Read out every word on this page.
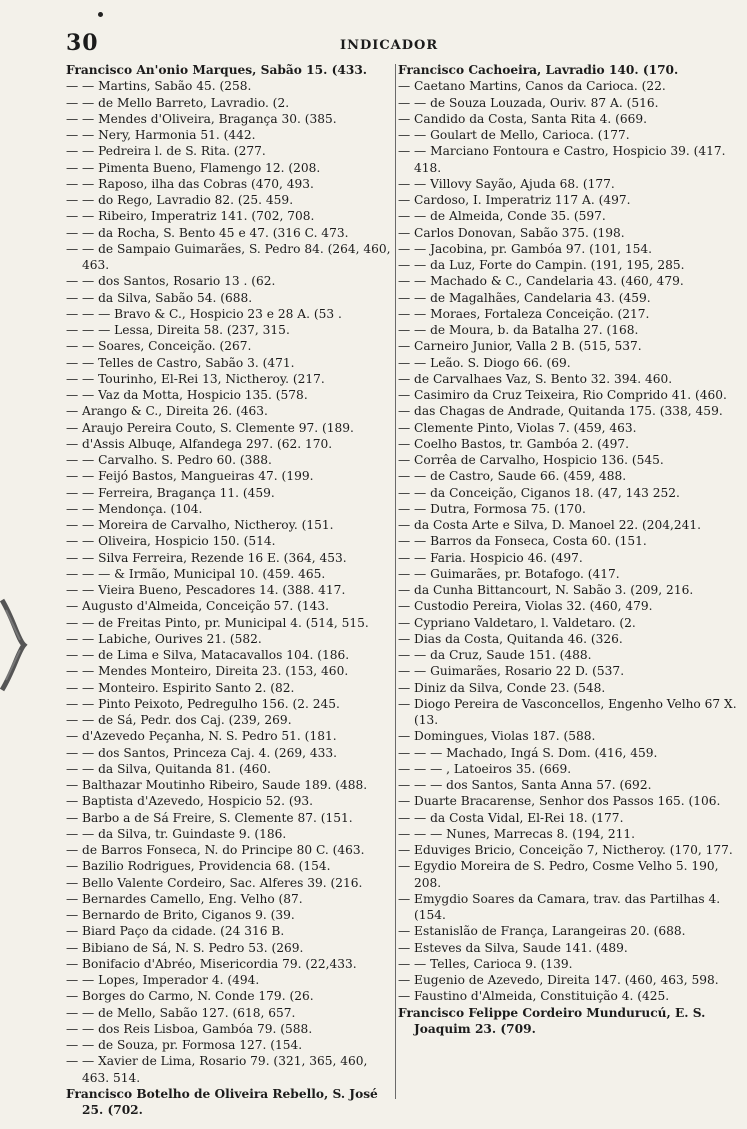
30	INDICADOR
Francisco An'onio Marques, Sabão 15. (433.
— — Martins, Sabão 45. (258.
— — de Mello Barreto, Lavradio. (2.
— — Mendes d'Oliveira, Bragança 30. (385.
— — Nery, Harmonia 51. (442.
— — Pedreira l. de S. Rita. (277.
— — Pimenta Bueno, Flamengo 12. (208.
— — Raposo, ilha das Cobras (470, 493.
— — do Rego, Lavradio 82. (25. 459.
— — Ribeiro, Imperatriz 141. (702, 708.
— — da Rocha, S. Bento 45 e 47. (316 C. 473.
— — de Sampaio Guimarães, S. Pedro 84. (264, 460, 463.
— — dos Santos, Rosario 13 . (62.
— — da Silva, Sabão 54. (688.
— — — Bravo & C., Hospicio 23 e 28 A. (53 .
— — — Lessa, Direita 58. (237, 315.
— — Soares, Conceição. (267.
— — Telles de Castro, Sabão 3. (471.
— — Tourinho, El-Rei 13, Nictheroy. (217.
— — Vaz da Motta, Hospicio 135. (578.
— Arango & C., Direita 26. (463.
— Araujo Pereira Couto, S. Clemente 97. (189.
— d'Assis Albuqe, Alfandega 297. (62. 170.
— — Carvalho. S. Pedro 60. (388.
— — Feijó Bastos, Mangueiras 47. (199.
— — Ferreira, Bragança 11. (459.
— — Mendonça. (104.
— — Moreira de Carvalho, Nictheroy. (151.
— — Oliveira, Hospicio 150. (514.
— — Silva Ferreira, Rezende 16 E. (364, 453.
— — — & Irmão, Municipal 10. (459. 465.
— — Vieira Bueno, Pescadores 14. (388. 417.
— Augusto d'Almeida, Conceição 57. (143.
— — de Freitas Pinto, pr. Municipal 4. (514, 515.
— — Labiche, Ourives 21. (582.
— — de Lima e Silva, Matacavallos 104. (186.
— — Mendes Monteiro, Direita 23. (153, 460.
— — Monteiro. Espirito Santo 2. (82.
— — Pinto Peixoto, Pedregulho 156. (2. 245.
— — de Sá, Pedr. dos Caj. (239, 269.
— d'Azevedo Peçanha, N. S. Pedro 51. (181.
— — dos Santos, Princeza Caj. 4. (269, 433.
— — da Silva, Quitanda 81. (460.
— Balthazar Moutinho Ribeiro, Saude 189. (488.
— Baptista d'Azevedo, Hospicio 52. (93.
— Barbo a de Sá Freire, S. Clemente 87. (151.
— — da Silva, tr. Guindaste 9. (186.
— de Barros Fonseca, N. do Principe 80 C. (463.
— Bazilio Rodrigues, Providencia 68. (154.
— Bello Valente Cordeiro, Sac. Alferes 39. (216.
— Bernardes Camello, Eng. Velho (87.
— Bernardo de Brito, Ciganos 9. (39.
— Biard Paço da cidade. (24 316 B.
— Bibiano de Sá, N. S. Pedro 53. (269.
— Bonifacio d'Abréo, Misericordia 79. (22,433.
— — Lopes, Imperador 4. (494.
— Borges do Carmo, N. Conde 179. (26.
— — de Mello, Sabão 127. (618, 657.
— — dos Reis Lisboa, Gambóa 79. (588.
— — de Souza, pr. Formosa 127. (154.
— — Xavier de Lima, Rosario 79. (321, 365, 460, 463. 514.
Francisco Botelho de Oliveira Rebello, S. José 25. (702.
Francisco Cachoeira, Lavradio 140. (170.
— Caetano Martins, Canos da Carioca. (22.
— — de Souza Louzada, Ouriv. 87 A. (516.
— Candido da Costa, Santa Rita 4. (669.
— — Goulart de Mello, Carioca. (177.
— — Marciano Fontoura e Castro, Hospicio 39. (417. 418.
— — Villovy Sayão, Ajuda 68. (177.
— Cardoso, I. Imperatriz 117 A. (497.
— — de Almeida, Conde 35. (597.
— Carlos Donovan, Sabão 375. (198.
— — Jacobina, pr. Gambóa 97. (101, 154.
— — da Luz, Forte do Campin. (191, 195, 285.
— — Machado & C., Candelaria 43. (460, 479.
— — de Magalhães, Candelaria 43. (459.
— — Moraes, Fortaleza Conceição. (217.
— — de Moura, b. da Batalha 27. (168.
— Carneiro Junior, Valla 2 B. (515, 537.
— — Leão. S. Diogo 66. (69.
— de Carvalhaes Vaz, S. Bento 32. 394. 460.
— Casimiro da Cruz Teixeira, Rio Comprido 41. (460.
— das Chagas de Andrade, Quitanda 175. (338, 459.
— Clemente Pinto, Violas 7. (459, 463.
— Coelho Bastos, tr. Gambóa 2. (497.
— Corrêa de Carvalho, Hospicio 136. (545.
— — de Castro, Saude 66. (459, 488.
— — da Conceição, Ciganos 18. (47, 143 252.
— — Dutra, Formosa 75. (170.
— da Costa Arte e Silva, D. Manoel 22. (204,241.
— — Barros da Fonseca, Costa 60. (151.
— — Faria. Hospicio 46. (497.
— — Guimarães, pr. Botafogo. (417.
— da Cunha Bittancourt, N. Sabão 3. (209, 216.
— Custodio Pereira, Violas 32. (460, 479.
— Cypriano Valdetaro, l. Valdetaro. (2.
— Dias da Costa, Quitanda 46. (326.
— — da Cruz, Saude 151. (488.
— — Guimarães, Rosario 22 D. (537.
— Diniz da Silva, Conde 23. (548.
— Diogo Pereira de Vasconcellos, Engenho Velho 67 X. (13.
— Domingues, Violas 187. (588.
— — — Machado, Ingá S. Dom. (416, 459.
— — — , Latoeiros 35. (669.
— — — dos Santos, Santa Anna 57. (692.
— Duarte Bracarense, Senhor dos Passos 165. (106.
— — da Costa Vidal, El-Rei 18. (177.
— — — Nunes, Marrecas 8. (194, 211.
— Eduviges Bricio, Conceição 7, Nictheroy. (170, 177.
— Egydio Moreira de S. Pedro, Cosme Velho 5. 190, 208.
— Emygdio Soares da Camara, trav. das Partilhas 4. (154.
— Estanislão de França, Larangeiras 20. (688.
— Esteves da Silva, Saude 141. (489.
— — Telles, Carioca 9. (139.
— Eugenio de Azevedo, Direita 147. (460, 463, 598.
— Faustino d'Almeida, Constituição 4. (425.
Francisco Felippe Cordeiro Mundurucú, E. S. Joaquim 23. (709.
